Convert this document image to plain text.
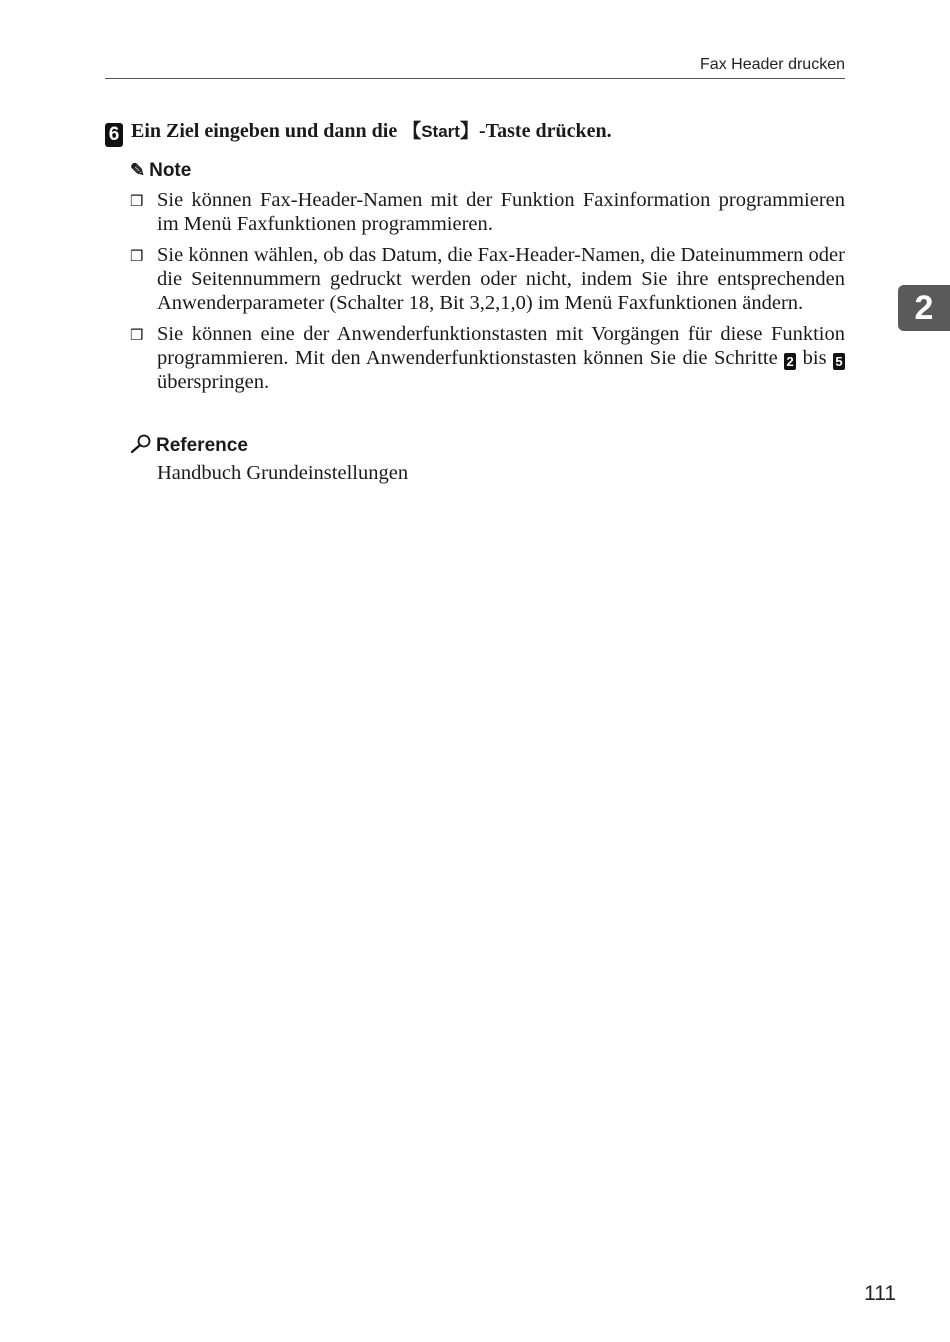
Fax Header drucken
6 Ein Ziel eingeben und dann die 【Start】-Taste drücken.
✎ Note
❒ Sie können Fax-Header-Namen mit der Funktion Faxinformation programmieren im Menü Faxfunktionen programmieren.
❒ Sie können wählen, ob das Datum, die Fax-Header-Namen, die Dateinummern oder die Seitennummern gedruckt werden oder nicht, indem Sie ihre entsprechenden Anwenderparameter (Schalter 18, Bit 3,2,1,0) im Menü Faxfunktionen ändern.
❒ Sie können eine der Anwenderfunktionstasten mit Vorgängen für diese Funktion programmieren. Mit den Anwenderfunktionstasten können Sie die Schritte 2 bis 5 überspringen.
Reference
Handbuch Grundeinstellungen
2
111
